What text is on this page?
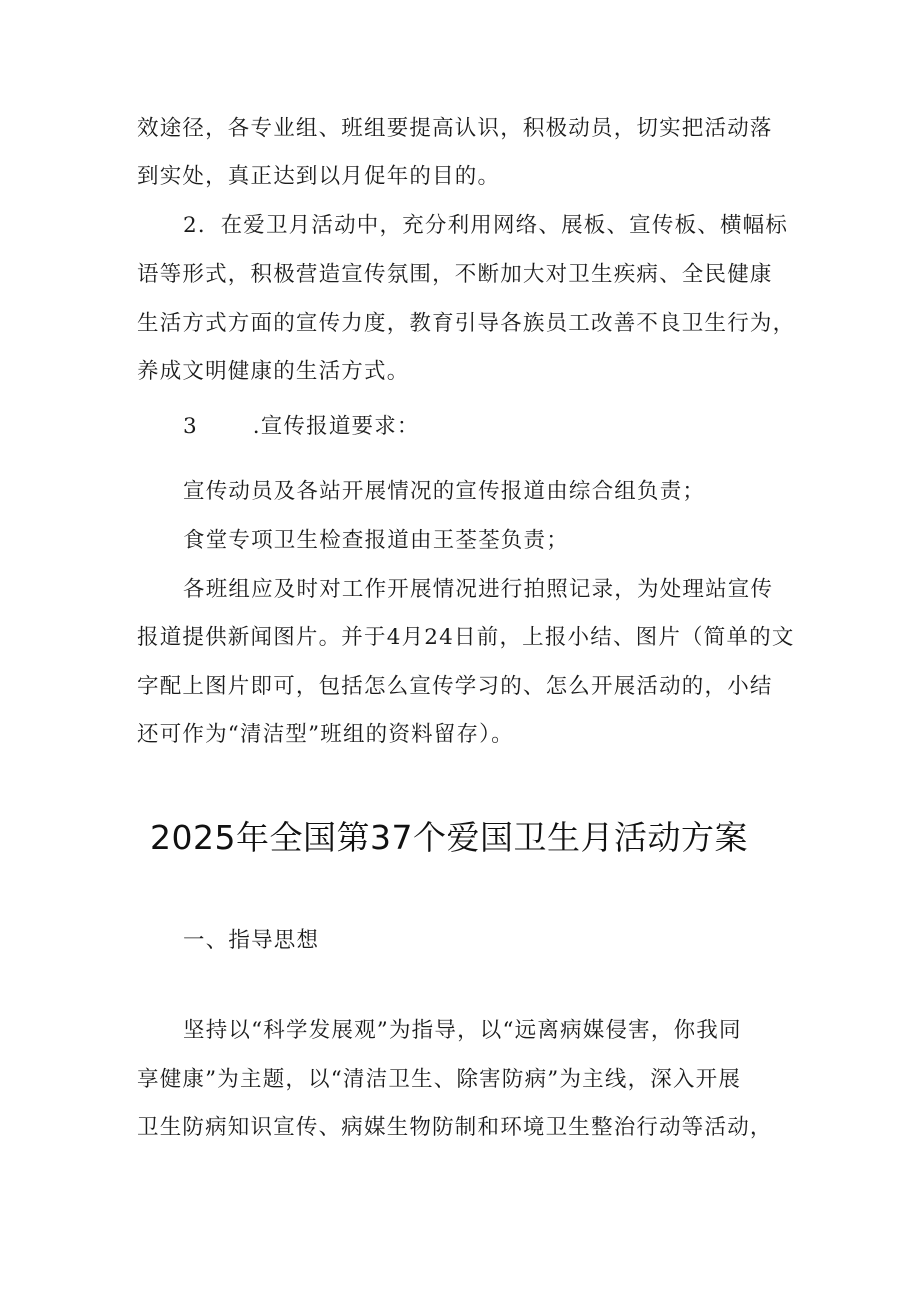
效途径，各专业组、班组要提高认识，积极动员，切实把活动落
到实处，真正达到以月促年的目的。
2．在爱卫月活动中，充分利用网络、展板、宣传板、横幅标
语等形式，积极营造宣传氛围，不断加大对卫生疾病、全民健康
生活方式方面的宣传力度，教育引导各族员工改善不良卫生行为，
养成文明健康的生活方式。
3	.宣传报道要求：
宣传动员及各站开展情况的宣传报道由综合组负责；
食堂专项卫生检查报道由王荃荃负责；
各班组应及时对工作开展情况进行拍照记录，为处理站宣传
报道提供新闻图片。并于4月24日前，上报小结、图片（简单的文
字配上图片即可，包括怎么宣传学习的、怎么开展活动的，小结
还可作为“清洁型”班组的资料留存）。
2025年全国第37个爱国卫生月活动方案
一、指导思想
坚持以“科学发展观”为指导，以“远离病媒侵害，你我同
享健康”为主题，以“清洁卫生、除害防病”为主线，深入开展
卫生防病知识宣传、病媒生物防制和环境卫生整治行动等活动，
